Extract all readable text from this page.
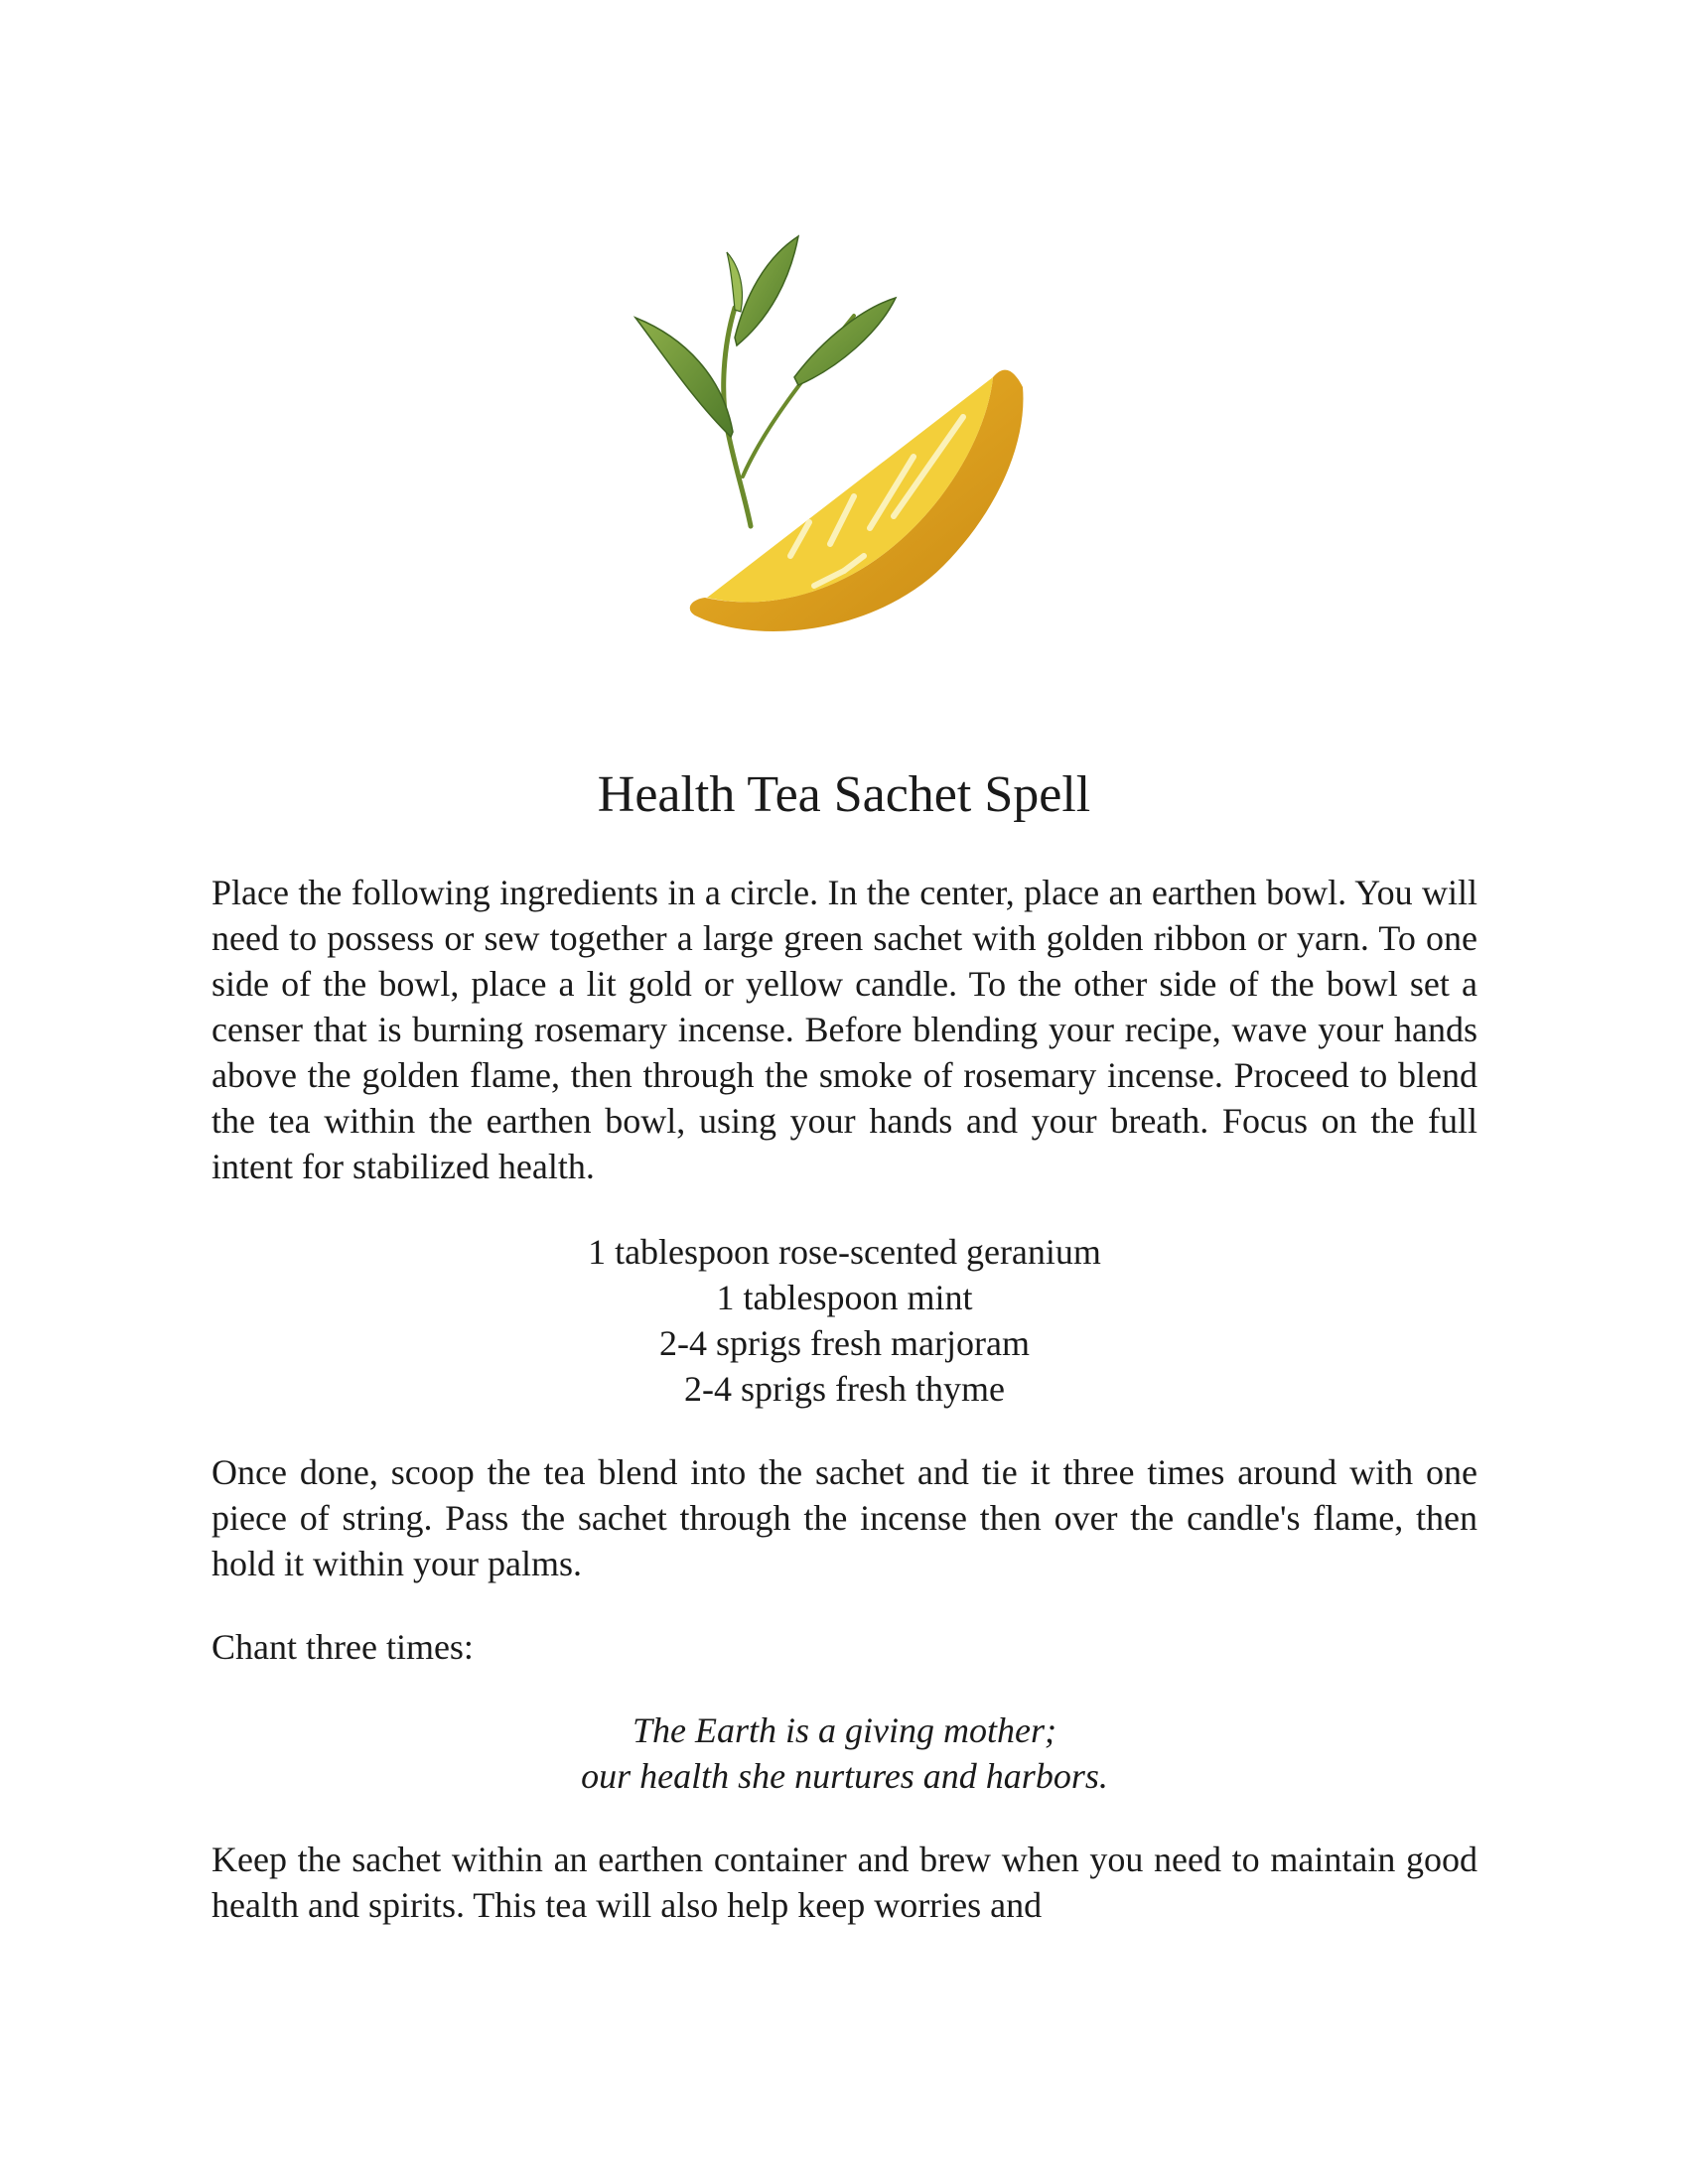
Health Tea Sachet Spell

Place the following ingredients in a circle. In the center, place an earthen bowl. You will need to possess or sew together a large green sachet with golden ribbon or yarn. To one side of the bowl, place a lit gold or yellow candle. To the other side of the bowl set a censer that is burning rosemary incense. Before blending your recipe, wave your hands above the golden flame, then through the smoke of rosemary incense. Proceed to blend the tea within the earthen bowl, using your hands and your breath. Focus on the full intent for stabilized health.

1 tablespoon rose-scented geranium
1 tablespoon mint
2-4 sprigs fresh marjoram
2-4 sprigs fresh thyme

Once done, scoop the tea blend into the sachet and tie it three times around with one piece of string. Pass the sachet through the incense then over the candle's flame, then hold it within your palms.

Chant three times:

The Earth is a giving mother;
our health she nurtures and harbors.

Keep the sachet within an earthen container and brew when you need to maintain good health and spirits. This tea will also help keep worries and
